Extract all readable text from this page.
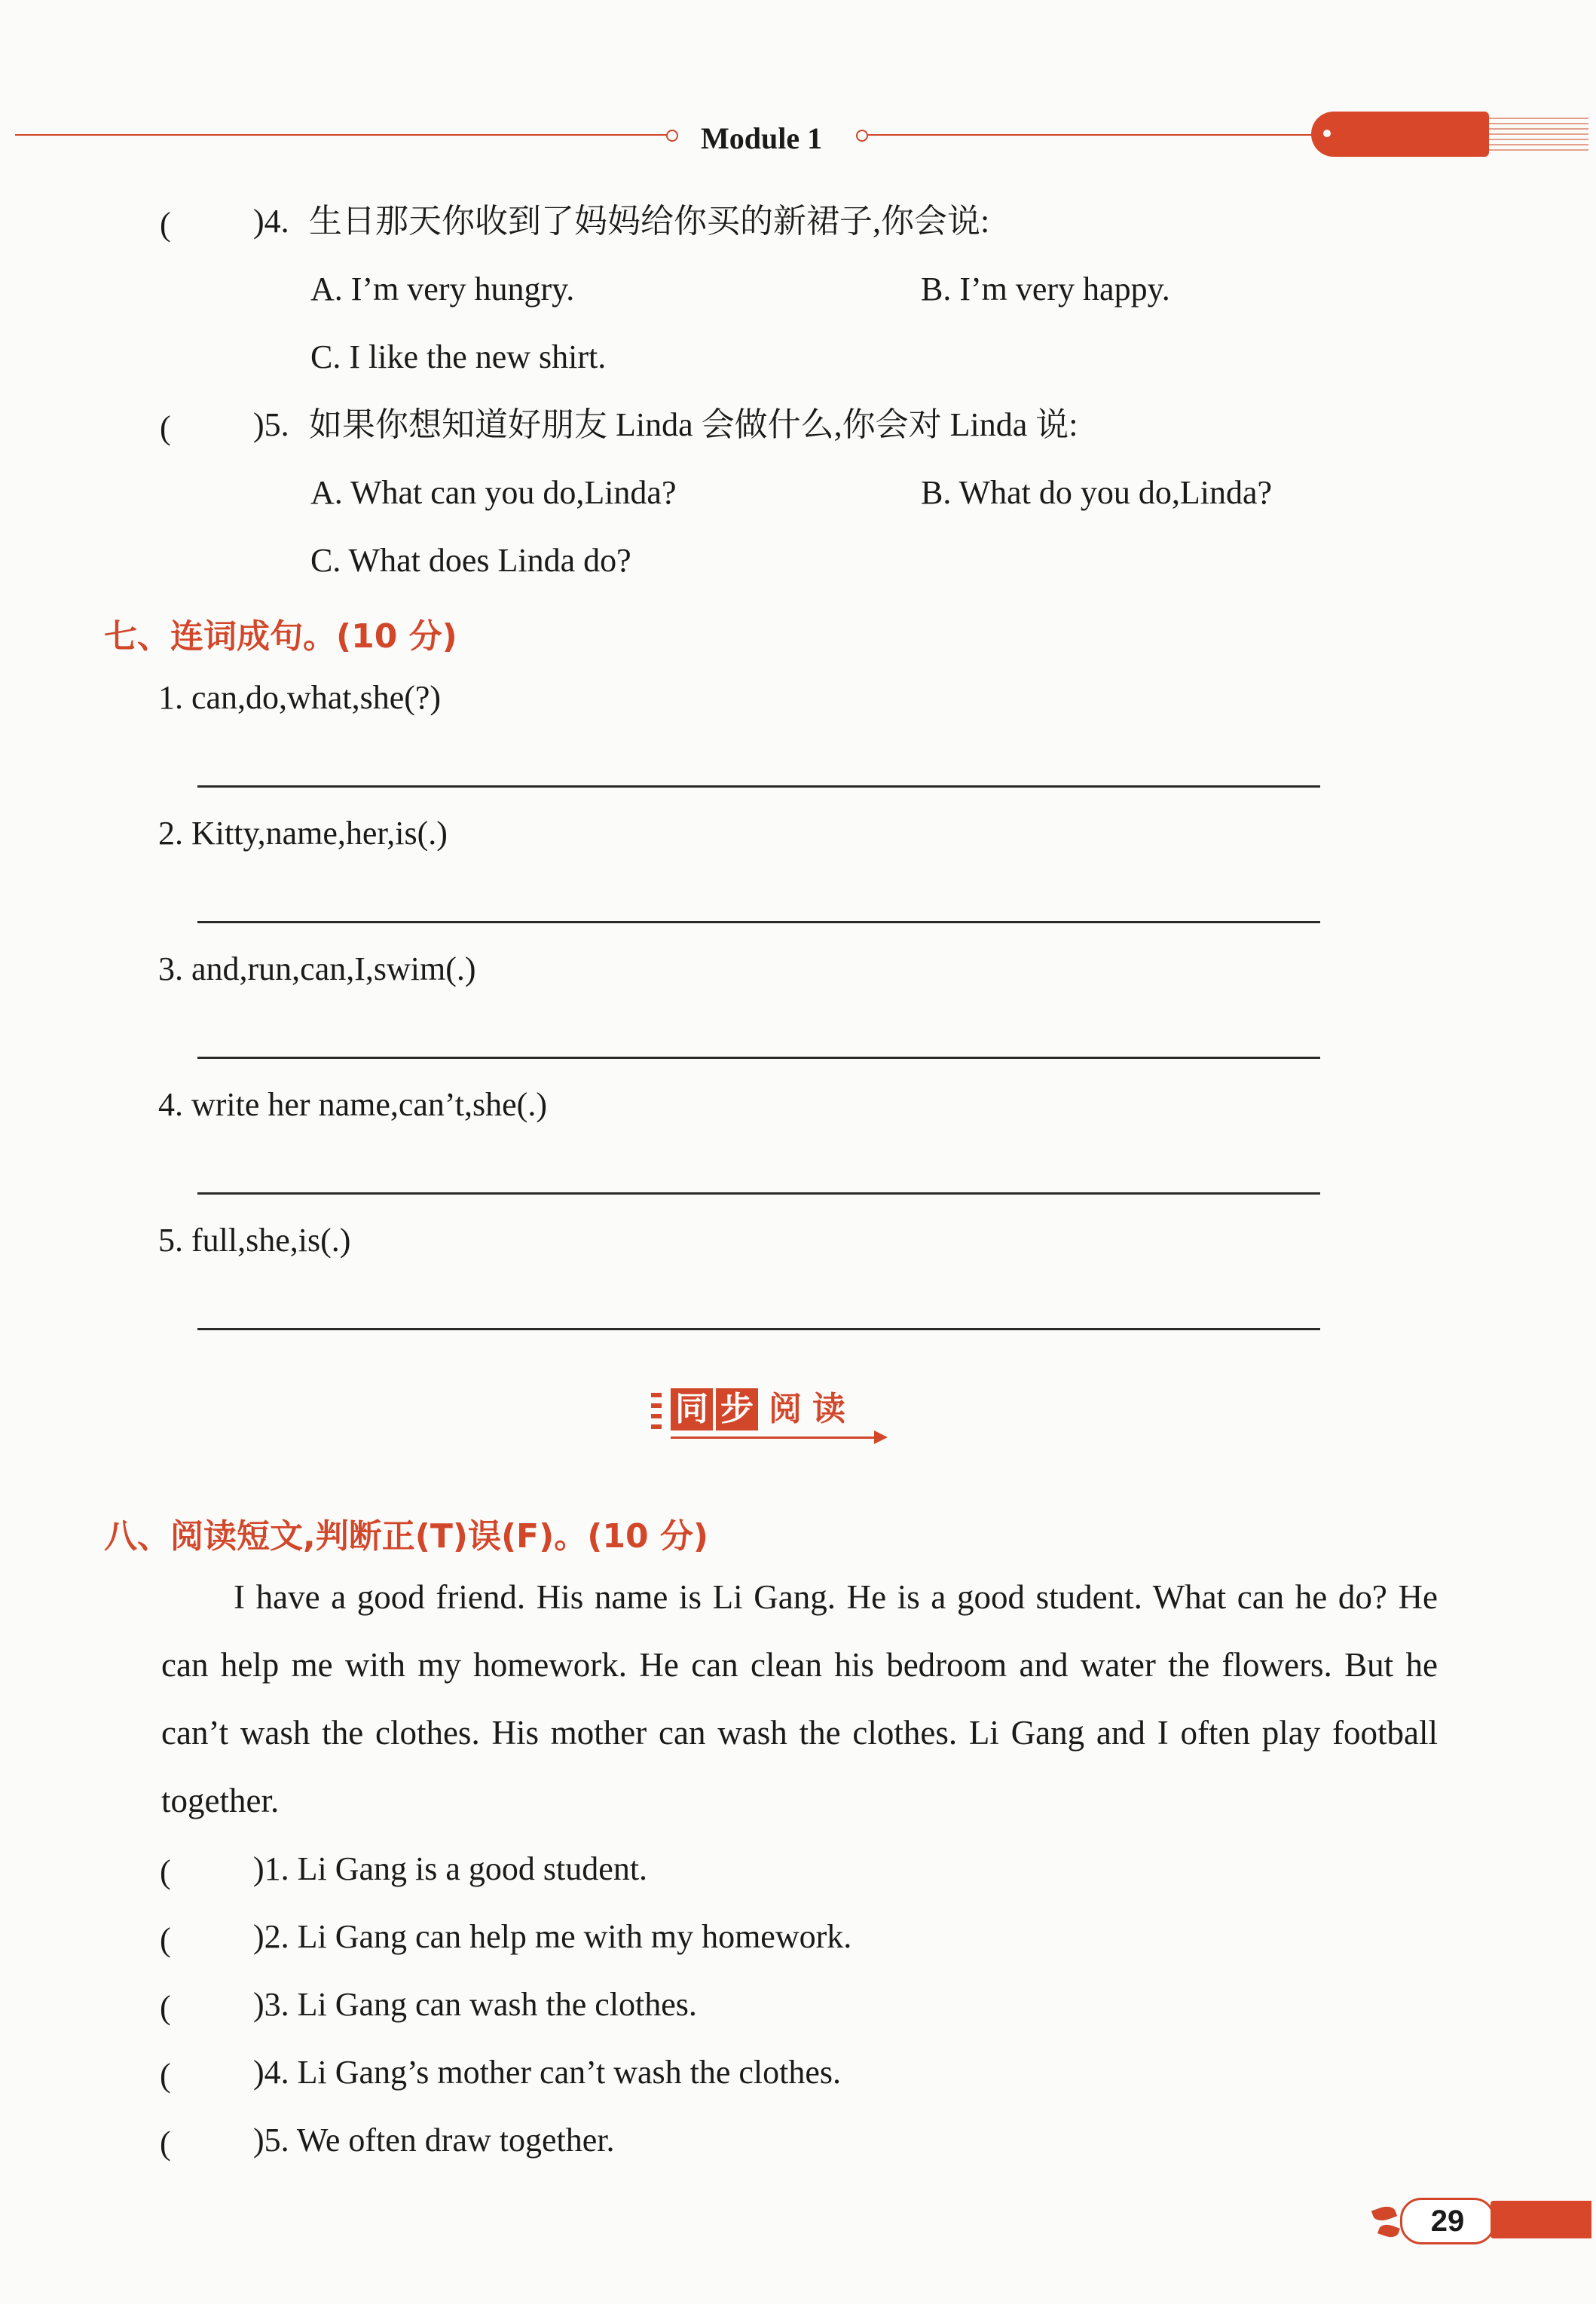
Module 1
( )4. 生日那天你收到了妈妈给你买的新裙子,你会说:
A. I’m very hungry.	B. I’m very happy.
C. I like the new shirt.
( )5. 如果你想知道好朋友 Linda 会做什么,你会对 Linda 说:
A. What can you do,Linda?	B. What do you do,Linda?
C. What does Linda do?
七、连词成句。(10 分)
1. can,do,what,she(?)
2. Kitty,name,her,is(.)
3. and,run,can,I,swim(.)
4. write her name,can’t,she(.)
5. full,she,is(.)
同 步 阅 读
八、阅读短文,判断正(T)误(F)。(10 分)
I have a good friend. His name is Li Gang. He is a good student. What can he do? He can help me with my homework. He can clean his bedroom and water the flowers. But he can’t wash the clothes. His mother can wash the clothes. Li Gang and I often play football together.
( )1. Li Gang is a good student.
( )2. Li Gang can help me with my homework.
( )3. Li Gang can wash the clothes.
( )4. Li Gang’s mother can’t wash the clothes.
( )5. We often draw together.
29
